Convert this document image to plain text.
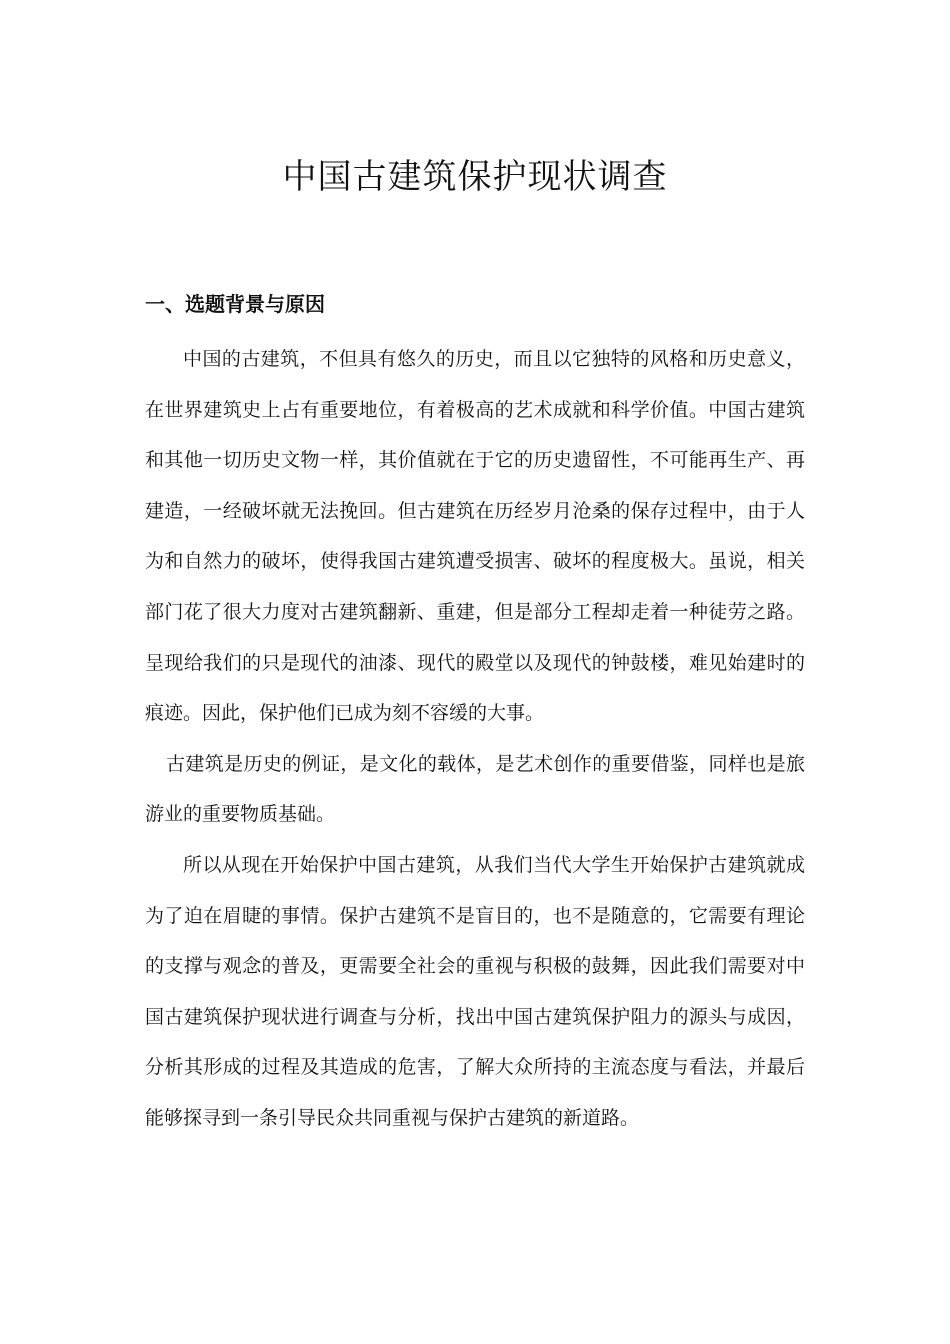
中国古建筑保护现状调查
一、选题背景与原因

中国的古建筑，不但具有悠久的历史，而且以它独特的风格和历史意义，在世界建筑史上占有重要地位，有着极高的艺术成就和科学价值。中国古建筑和其他一切历史文物一样，其价值就在于它的历史遗留性，不可能再生产、再建造，一经破坏就无法挽回。但古建筑在历经岁月沧桑的保存过程中，由于人为和自然力的破坏，使得我国古建筑遭受损害、破坏的程度极大。虽说，相关部门花了很大力度对古建筑翻新、重建，但是部分工程却走着一种徒劳之路。呈现给我们的只是现代的油漆、现代的殿堂以及现代的钟鼓楼，难见始建时的痕迹。因此，保护他们已成为刻不容缓的大事。

古建筑是历史的例证，是文化的载体，是艺术创作的重要借鉴，同样也是旅游业的重要物质基础。

所以从现在开始保护中国古建筑，从我们当代大学生开始保护古建筑就成为了迫在眉睫的事情。保护古建筑不是盲目的，也不是随意的，它需要有理论的支撑与观念的普及，更需要全社会的重视与积极的鼓舞，因此我们需要对中国古建筑保护现状进行调查与分析，找出中国古建筑保护阻力的源头与成因，分析其形成的过程及其造成的危害，了解大众所持的主流态度与看法，并最后能够探寻到一条引导民众共同重视与保护古建筑的新道路。
